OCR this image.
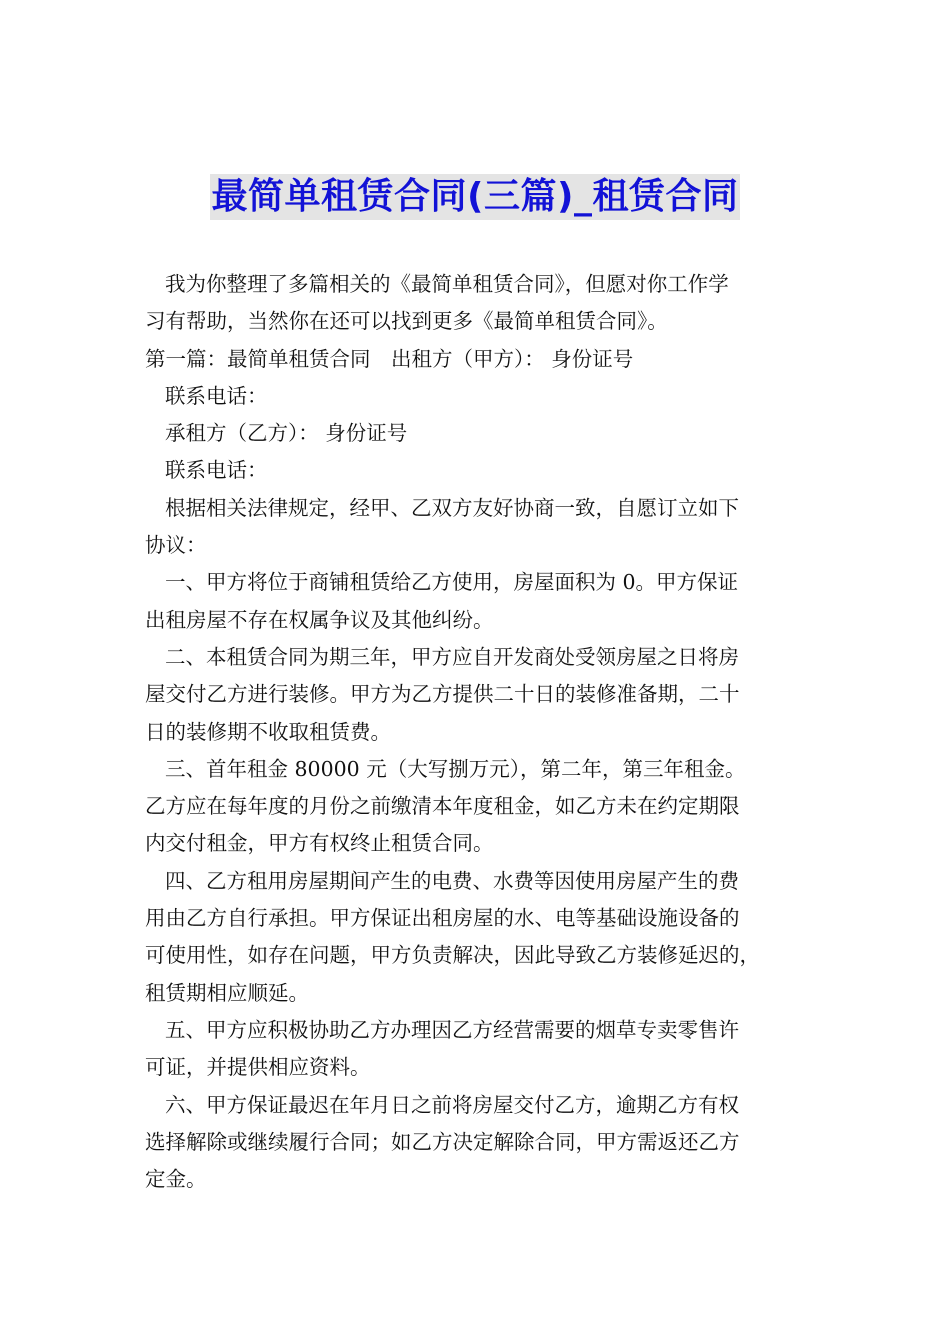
最简单租赁合同(三篇)_租赁合同
我为你整理了多篇相关的《最简单租赁合同》，但愿对你工作学
习有帮助，当然你在还可以找到更多《最简单租赁合同》。
第一篇：最简单租赁合同　出租方（甲方）： 身份证号
联系电话：
承租方（乙方）： 身份证号
联系电话：
根据相关法律规定，经甲、乙双方友好协商一致，自愿订立如下
协议：
一、甲方将位于商铺租赁给乙方使用，房屋面积为 0。甲方保证
出租房屋不存在权属争议及其他纠纷。
二、本租赁合同为期三年，甲方应自开发商处受领房屋之日将房
屋交付乙方进行装修。甲方为乙方提供二十日的装修准备期，二十
日的装修期不收取租赁费。
三、首年租金 80000 元（大写捌万元），第二年，第三年租金。
乙方应在每年度的月份之前缴清本年度租金，如乙方未在约定期限
内交付租金，甲方有权终止租赁合同。
四、乙方租用房屋期间产生的电费、水费等因使用房屋产生的费
用由乙方自行承担。甲方保证出租房屋的水、电等基础设施设备的
可使用性，如存在问题，甲方负责解决，因此导致乙方装修延迟的，
租赁期相应顺延。
五、甲方应积极协助乙方办理因乙方经营需要的烟草专卖零售许
可证，并提供相应资料。
六、甲方保证最迟在年月日之前将房屋交付乙方，逾期乙方有权
选择解除或继续履行合同；如乙方决定解除合同，甲方需返还乙方
定金。
